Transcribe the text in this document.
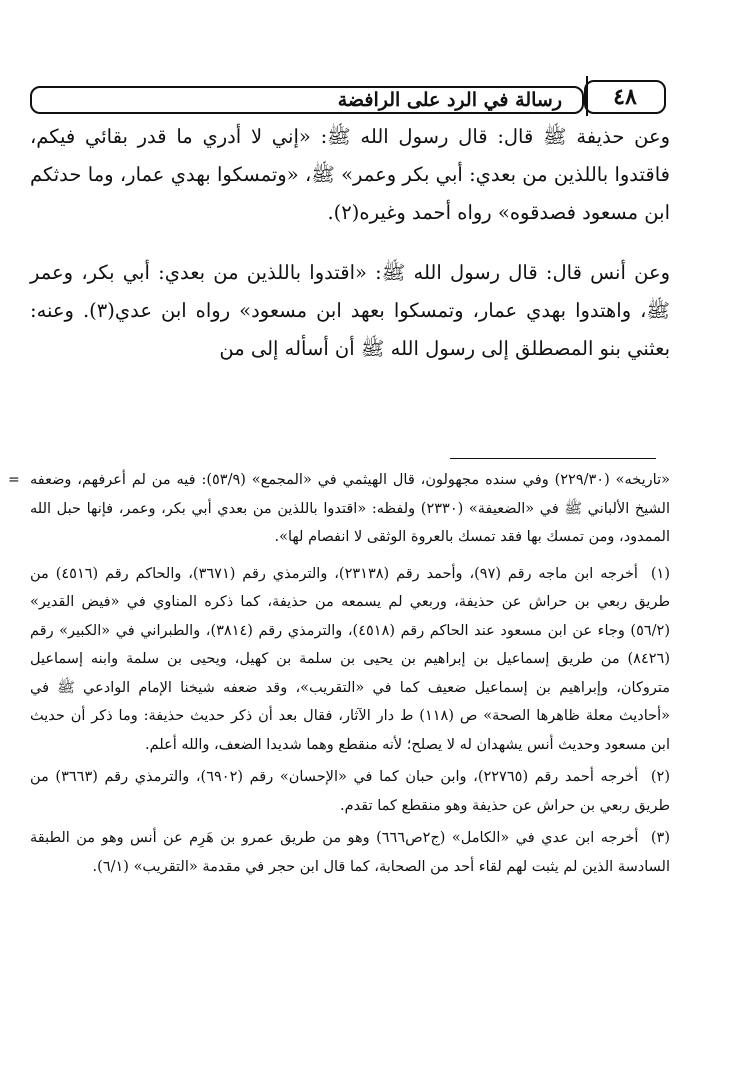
٤٨
رسالة في الرد على الرافضة

وعن حذيفة ﷺ قال: قال رسول الله ﷺ: «إني لا أدري ما قدر بقائي فيكم، فاقتدوا باللذين من بعدي: أبي بكر وعمر» ﷺ، «وتمسكوا بهدي عمار، وما حدثكم ابن مسعود فصدقوه» رواه أحمد وغيره(٢).

وعن أنس قال: قال رسول الله ﷺ: «اقتدوا باللذين من بعدي: أبي بكر، وعمر ﷺ، واهتدوا بهدي عمار، وتمسكوا بعهد ابن مسعود» رواه ابن عدي(٣). وعنه: بعثني بنو المصطلق إلى رسول الله ﷺ أن أسأله إلى من

= «تاريخه» (٢٢٩/٣٠) وفي سنده مجهولون، قال الهيثمي في «المجمع» (٥٣/٩): فيه من لم أعرفهم، وضعفه الشيخ الألباني ﷺ في «الضعيفة» (٢٣٣٠) ولفظه: «اقتدوا باللذين من بعدي أبي بكر، وعمر، فإنها حبل الله الممدود، ومن تمسك بها فقد تمسك بالعروة الوثقى لا انفصام لها».
(١) أخرجه ابن ماجه رقم (٩٧)، وأحمد رقم (٢٣١٣٨)، والترمذي رقم (٣٦٧١)، والحاكم رقم (٤٥١٦) من طريق ربعي بن حراش عن حذيفة، وربعي لم يسمعه من حذيفة، كما ذكره المناوي في «فيض القدير» (٥٦/٢) وجاء عن ابن مسعود عند الحاكم رقم (٤٥١٨)، والترمذي رقم (٣٨١٤)، والطبراني في «الكبير» رقم (٨٤٢٦) من طريق إسماعيل بن إبراهيم بن يحيى بن سلمة بن كهيل، ويحيى بن سلمة وابنه إسماعيل متروكان، وإبراهيم بن إسماعيل ضعيف كما في «التقريب»، وقد ضعفه شيخنا الإمام الوادعي ﷺ في «أحاديث معلة ظاهرها الصحة» ص (١١٨) ط دار الآثار، فقال بعد أن ذكر حديث حذيفة: وما ذكر أن حديث ابن مسعود وحديث أنس يشهدان له لا يصلح؛ لأنه منقطع وهما شديدا الضعف، والله أعلم.
(٢) أخرجه أحمد رقم (٢٢٧٦٥)، وابن حبان كما في «الإحسان» رقم (٦٩٠٢)، والترمذي رقم (٣٦٦٣) من طريق ربعي بن حراش عن حذيفة وهو منقطع كما تقدم.
(٣) أخرجه ابن عدي في «الكامل» (ج٢ص٦٦٦) وهو من طريق عمرو بن هَرِم عن أنس وهو من الطبقة السادسة الذين لم يثبت لهم لقاء أحد من الصحابة، كما قال ابن حجر في مقدمة «التقريب» (٦/١).
